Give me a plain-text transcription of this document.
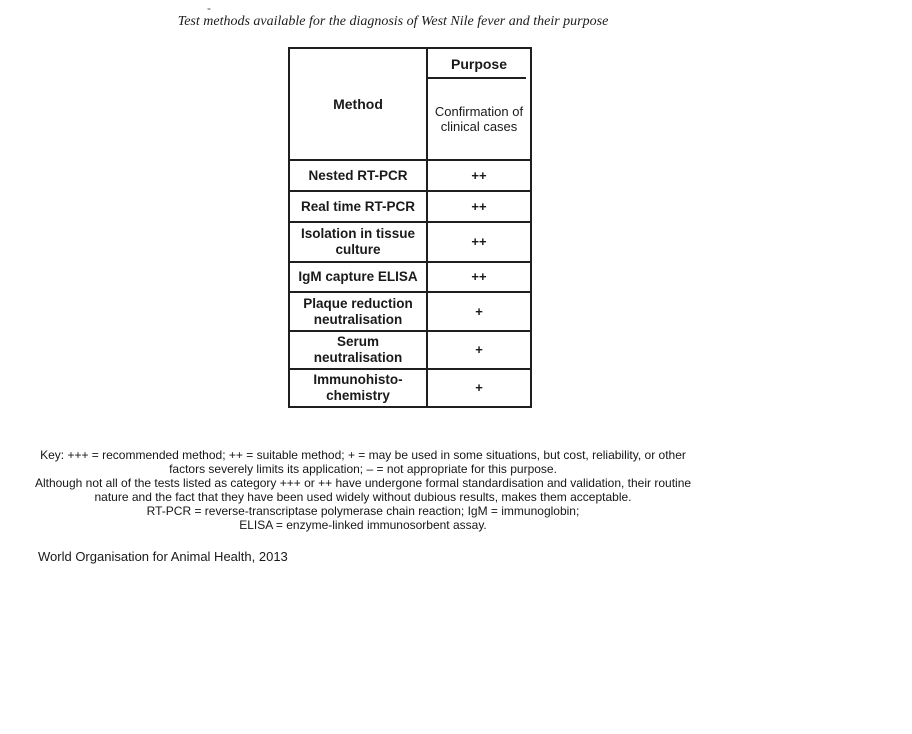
Test methods available for the diagnosis of West Nile fever and their purpose
-
Method	Purpose
	Confirmation of clinical cases
Nested RT-PCR	++
Real time RT-PCR	++
Isolation in tissue culture	++
IgM capture ELISA	++
Plaque reduction neutralisation	+
Serum neutralisation	+
Immunohisto-chemistry	+
Key: +++ = recommended method; ++ = suitable method; + = may be used in some situations, but cost, reliability, or other
factors severely limits its application; – = not appropriate for this purpose.
Although not all of the tests listed as category +++ or ++ have undergone formal standardisation and validation, their routine
nature and the fact that they have been used widely without dubious results, makes them acceptable.
RT-PCR = reverse-transcriptase polymerase chain reaction; IgM = immunoglobin;
ELISA = enzyme-linked immunosorbent assay.
World Organisation for Animal Health, 2013
